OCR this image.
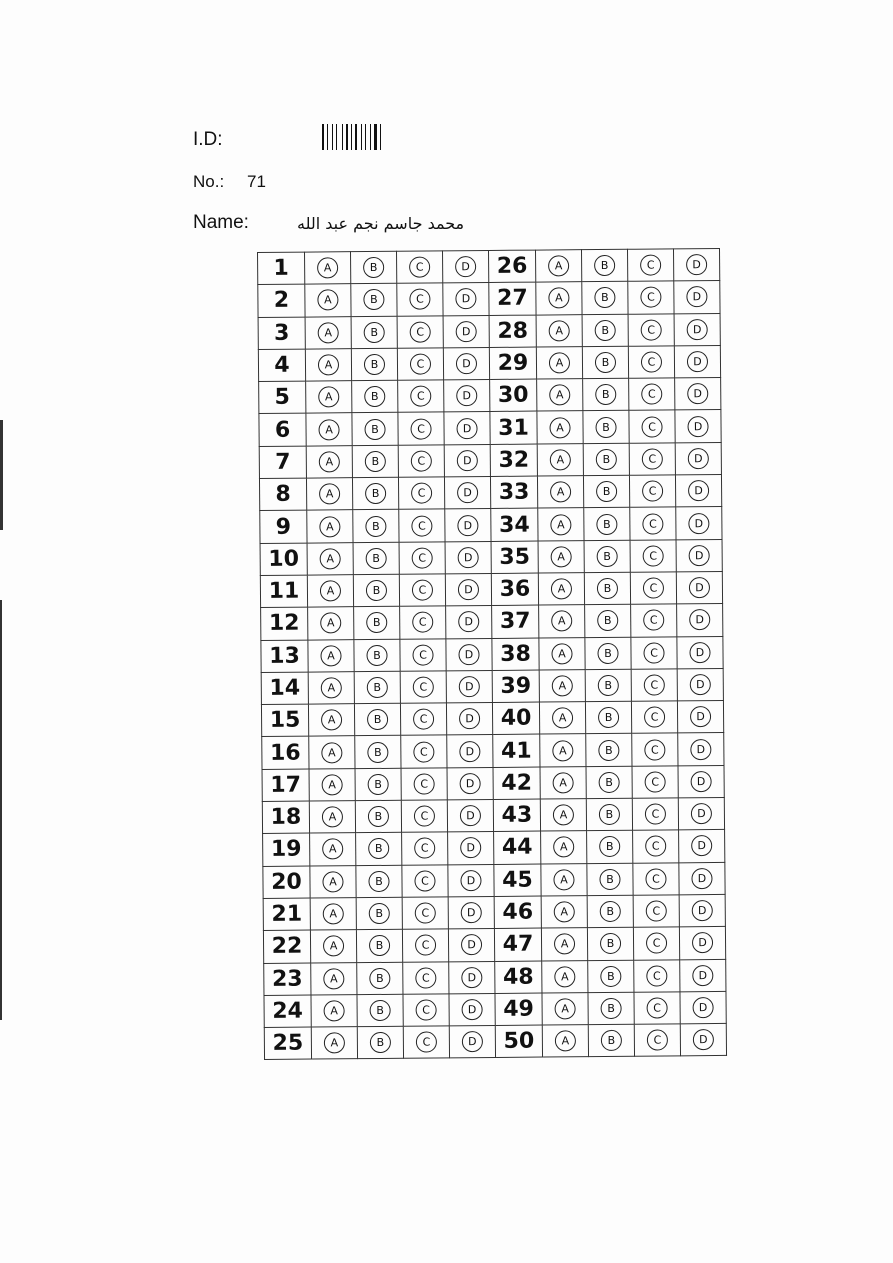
I.D:
No.: 71
Name:	محمد جاسم نجم عبد الله
1	A	B	C	D	26	A	B	C	D
2	A	B	C	D	27	A	B	C	D
3	A	B	C	D	28	A	B	C	D
4	A	B	C	D	29	A	B	C	D
5	A	B	C	D	30	A	B	C	D
6	A	B	C	D	31	A	B	C	D
7	A	B	C	D	32	A	B	C	D
8	A	B	C	D	33	A	B	C	D
9	A	B	C	D	34	A	B	C	D
10	A	B	C	D	35	A	B	C	D
11	A	B	C	D	36	A	B	C	D
12	A	B	C	D	37	A	B	C	D
13	A	B	C	D	38	A	B	C	D
14	A	B	C	D	39	A	B	C	D
15	A	B	C	D	40	A	B	C	D
16	A	B	C	D	41	A	B	C	D
17	A	B	C	D	42	A	B	C	D
18	A	B	C	D	43	A	B	C	D
19	A	B	C	D	44	A	B	C	D
20	A	B	C	D	45	A	B	C	D
21	A	B	C	D	46	A	B	C	D
22	A	B	C	D	47	A	B	C	D
23	A	B	C	D	48	A	B	C	D
24	A	B	C	D	49	A	B	C	D
25	A	B	C	D	50	A	B	C	D
